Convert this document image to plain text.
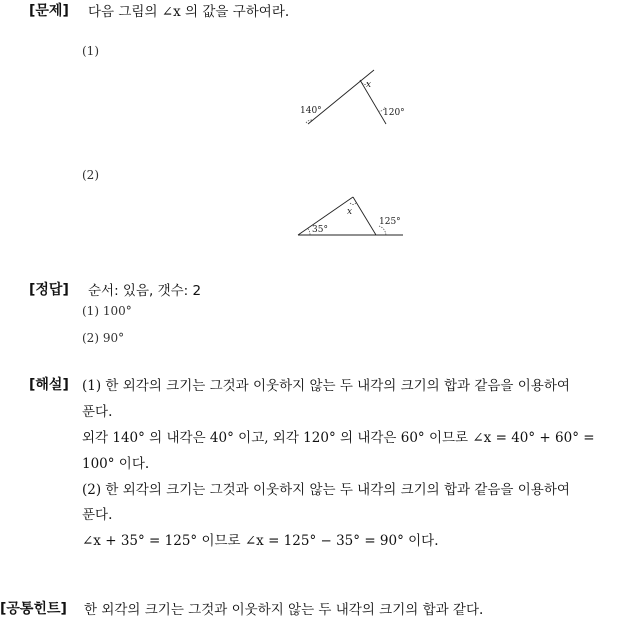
[문제] 다음 그림의 ∠x 의 값을 구하여라.
(1)
140°
x
120°
(2)
35°
x
125°
[정답] 순서: 있음, 갯수: 2
(1) 100°
(2) 90°
[해설] (1) 한 외각의 크기는 그것과 이웃하지 않는 두 내각의 크기의 합과 같음을 이용하여
푼다.
외각 140° 의 내각은 40° 이고, 외각 120° 의 내각은 60° 이므로 ∠x = 40° + 60° =
100° 이다.
(2) 한 외각의 크기는 그것과 이웃하지 않는 두 내각의 크기의 합과 같음을 이용하여
푼다.
∠x + 35° = 125° 이므로 ∠x = 125° − 35° = 90° 이다.
[공통힌트] 한 외각의 크기는 그것과 이웃하지 않는 두 내각의 크기의 합과 같다.
